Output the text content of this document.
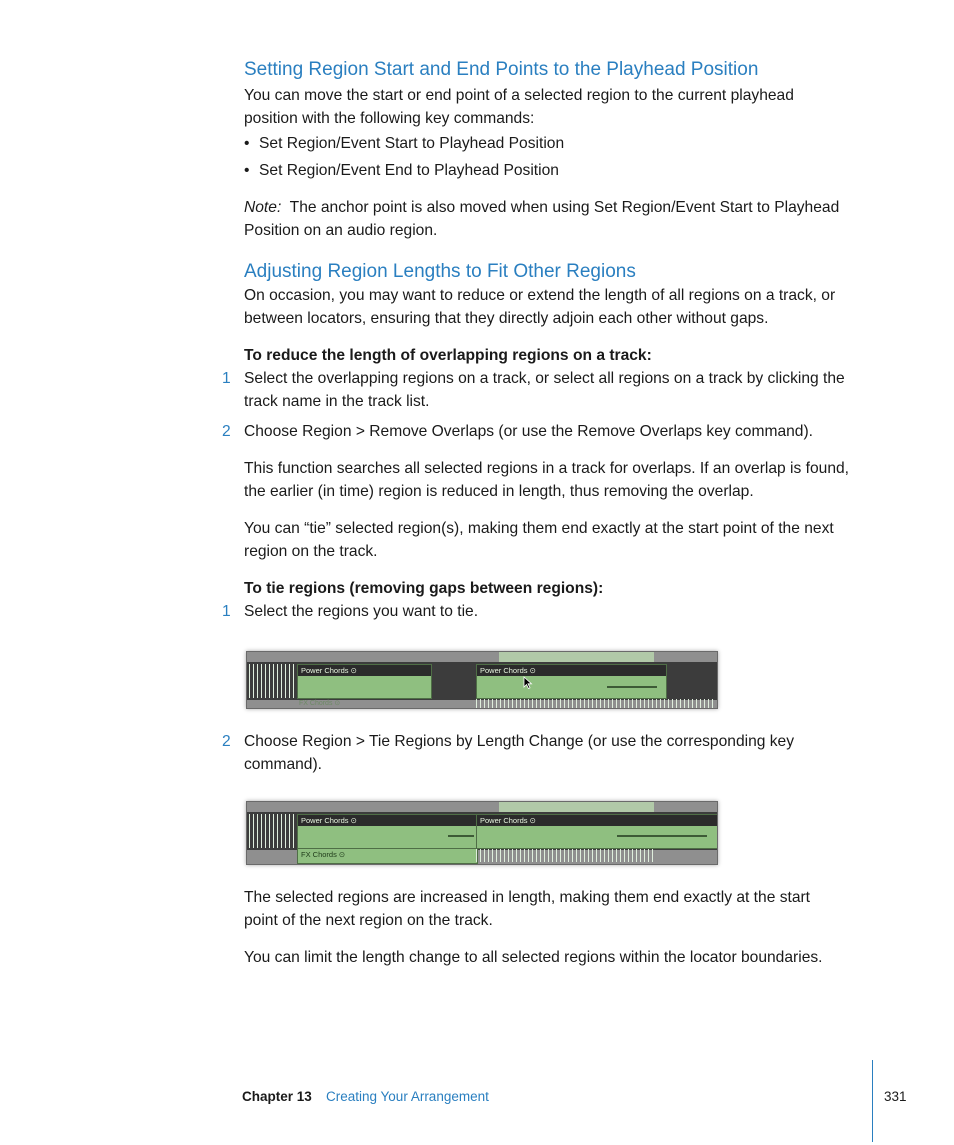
Setting Region Start and End Points to the Playhead Position
You can move the start or end point of a selected region to the current playhead
position with the following key commands:
• Set Region/Event Start to Playhead Position
• Set Region/Event End to Playhead Position
Note: The anchor point is also moved when using Set Region/Event Start to Playhead
Position on an audio region.
Adjusting Region Lengths to Fit Other Regions
On occasion, you may want to reduce or extend the length of all regions on a track, or
between locators, ensuring that they directly adjoin each other without gaps.
To reduce the length of overlapping regions on a track:
1 Select the overlapping regions on a track, or select all regions on a track by clicking the
track name in the track list.
2 Choose Region > Remove Overlaps (or use the Remove Overlaps key command).
This function searches all selected regions in a track for overlaps. If an overlap is found,
the earlier (in time) region is reduced in length, thus removing the overlap.
You can “tie” selected region(s), making them end exactly at the start point of the next
region on the track.
To tie regions (removing gaps between regions):
1 Select the regions you want to tie.
Power Chords ⊙	Power Chords ⊙
FX Chords ⊙
2 Choose Region > Tie Regions by Length Change (or use the corresponding key
command).
Power Chords ⊙	Power Chords ⊙
FX Chords ⊙
The selected regions are increased in length, making them end exactly at the start
point of the next region on the track.
You can limit the length change to all selected regions within the locator boundaries.
Chapter 13 Creating Your Arrangement	331
